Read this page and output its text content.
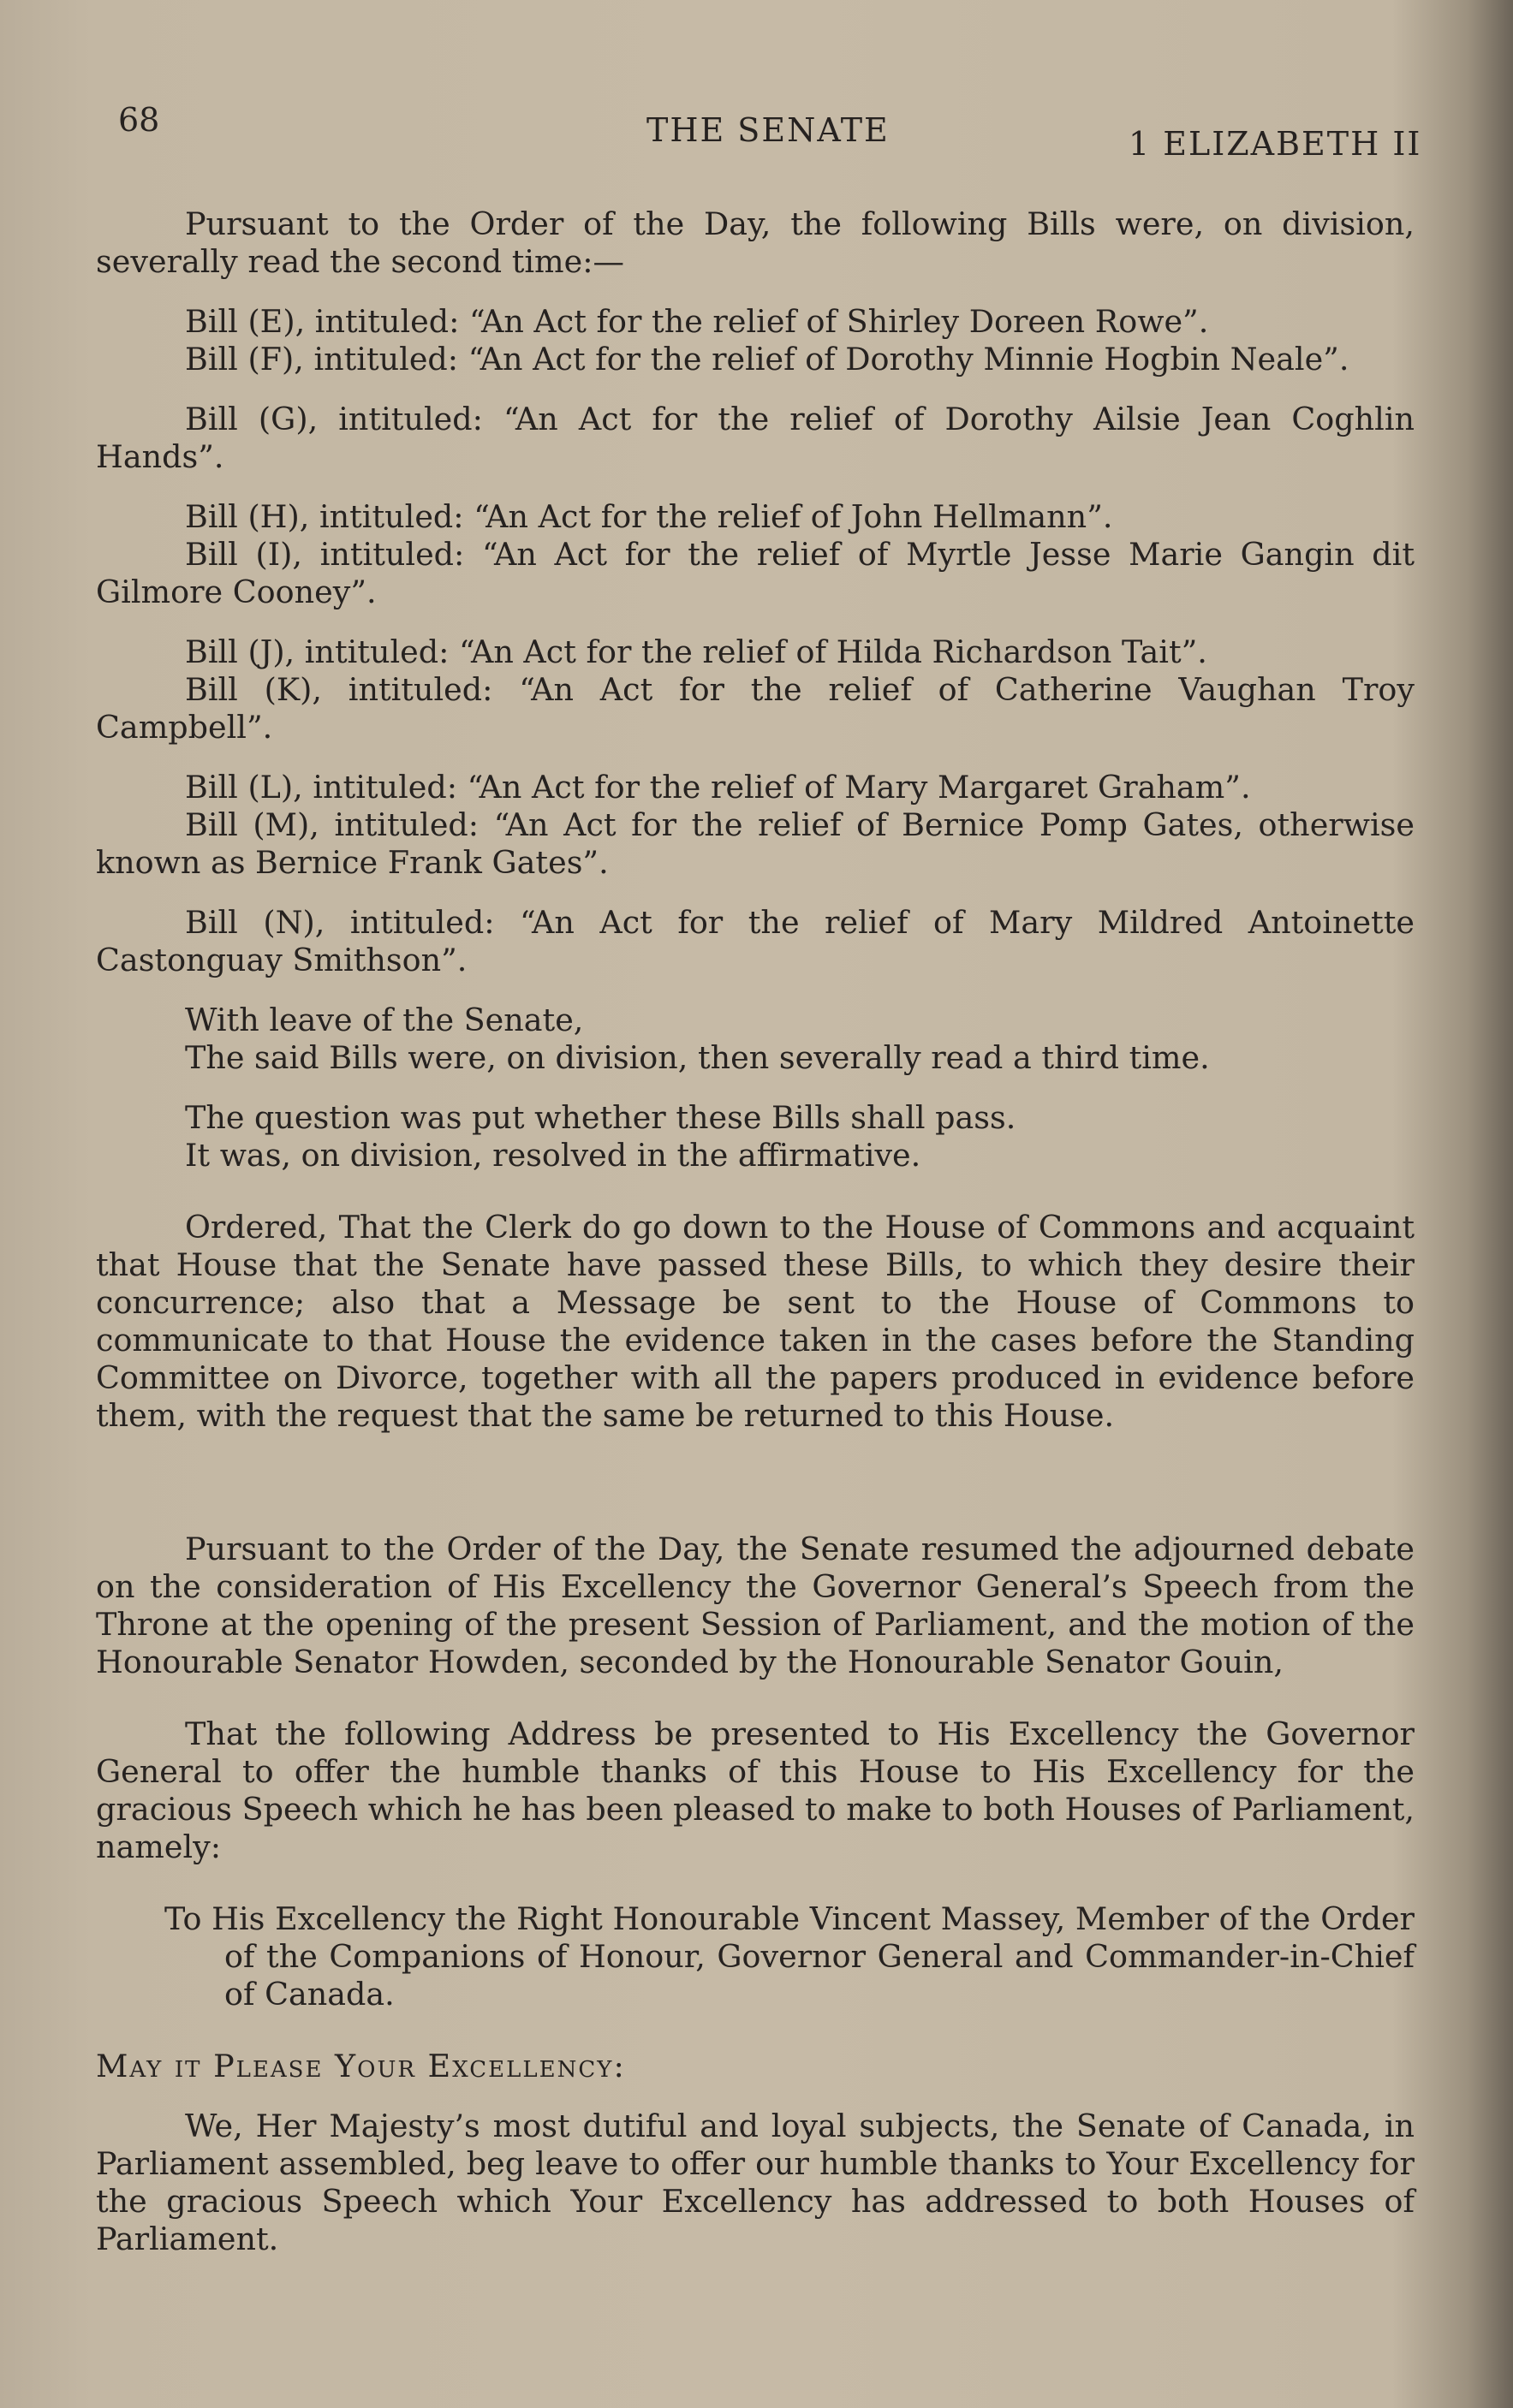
68	THE SENATE	1 ELIZABETH II

Pursuant to the Order of the Day, the following Bills were, on division, severally read the second time:—

Bill (E), intituled: “An Act for the relief of Shirley Doreen Rowe”.

Bill (F), intituled: “An Act for the relief of Dorothy Minnie Hogbin Neale”.

Bill (G), intituled: “An Act for the relief of Dorothy Ailsie Jean Coghlin Hands”.

Bill (H), intituled: “An Act for the relief of John Hellmann”.

Bill (I), intituled: “An Act for the relief of Myrtle Jesse Marie Gangin dit Gilmore Cooney”.

Bill (J), intituled: “An Act for the relief of Hilda Richardson Tait”.

Bill (K), intituled: “An Act for the relief of Catherine Vaughan Troy Campbell”.

Bill (L), intituled: “An Act for the relief of Mary Margaret Graham”.

Bill (M), intituled: “An Act for the relief of Bernice Pomp Gates, otherwise known as Bernice Frank Gates”.

Bill (N), intituled: “An Act for the relief of Mary Mildred Antoinette Castonguay Smithson”.

With leave of the Senate,

The said Bills were, on division, then severally read a third time.

The question was put whether these Bills shall pass.

It was, on division, resolved in the affirmative.

Ordered, That the Clerk do go down to the House of Commons and acquaint that House that the Senate have passed these Bills, to which they desire their concurrence; also that a Message be sent to the House of Commons to communicate to that House the evidence taken in the cases before the Standing Committee on Divorce, together with all the papers produced in evidence before them, with the request that the same be returned to this House.

Pursuant to the Order of the Day, the Senate resumed the adjourned debate on the consideration of His Excellency the Governor General’s Speech from the Throne at the opening of the present Session of Parliament, and the motion of the Honourable Senator Howden, seconded by the Honourable Senator Gouin,

That the following Address be presented to His Excellency the Governor General to offer the humble thanks of this House to His Excellency for the gracious Speech which he has been pleased to make to both Houses of Parliament, namely:

To His Excellency the Right Honourable Vincent Massey, Member of the Order of the Companions of Honour, Governor General and Commander-in-Chief of Canada.

May it Please Your Excellency:

We, Her Majesty’s most dutiful and loyal subjects, the Senate of Canada, in Parliament assembled, beg leave to offer our humble thanks to Your Excellency for the gracious Speech which Your Excellency has addressed to both Houses of Parliament.
